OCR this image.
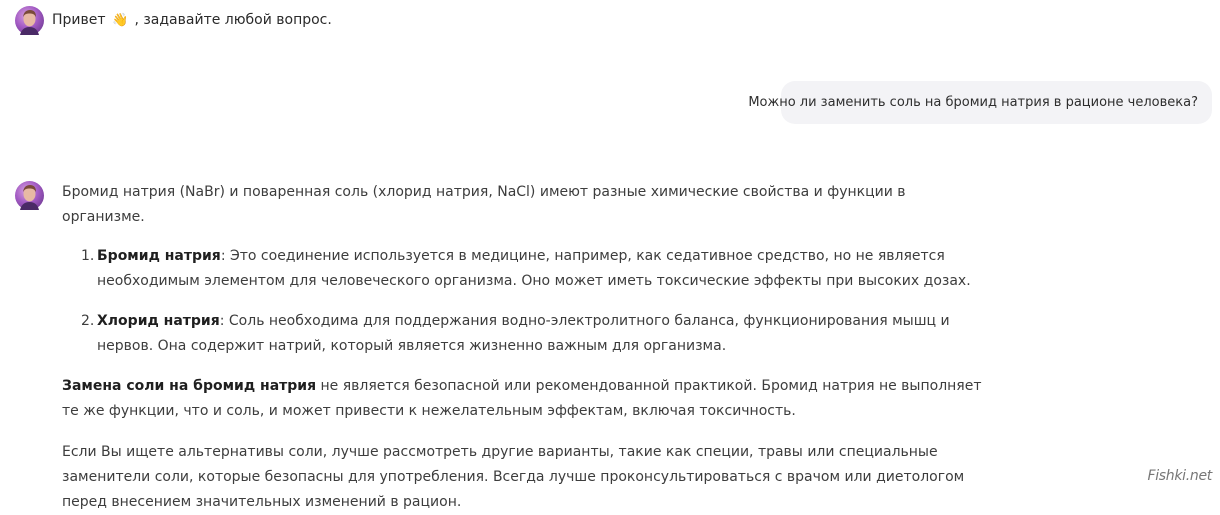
Привет 👋 , задавайте любой вопрос.
Можно ли заменить соль на бромид натрия в рационе человека?

Бромид натрия (NaBr) и поваренная соль (хлорид натрия, NaCl) имеют разные химические свойства и функции в организме.

1. Бромид натрия: Это соединение используется в медицине, например, как седативное средство, но не является необходимым элементом для человеческого организма. Оно может иметь токсические эффекты при высоких дозах.
2. Хлорид натрия: Соль необходима для поддержания водно-электролитного баланса, функционирования мышц и нервов. Она содержит натрий, который является жизненно важным для организма.

Замена соли на бромид натрия не является безопасной или рекомендованной практикой. Бромид натрия не выполняет те же функции, что и соль, и может привести к нежелательным эффектам, включая токсичность.

Если Вы ищете альтернативы соли, лучше рассмотреть другие варианты, такие как специи, травы или специальные заменители соли, которые безопасны для употребления. Всегда лучше проконсультироваться с врачом или диетологом перед внесением значительных изменений в рацион.

Fishki.net
